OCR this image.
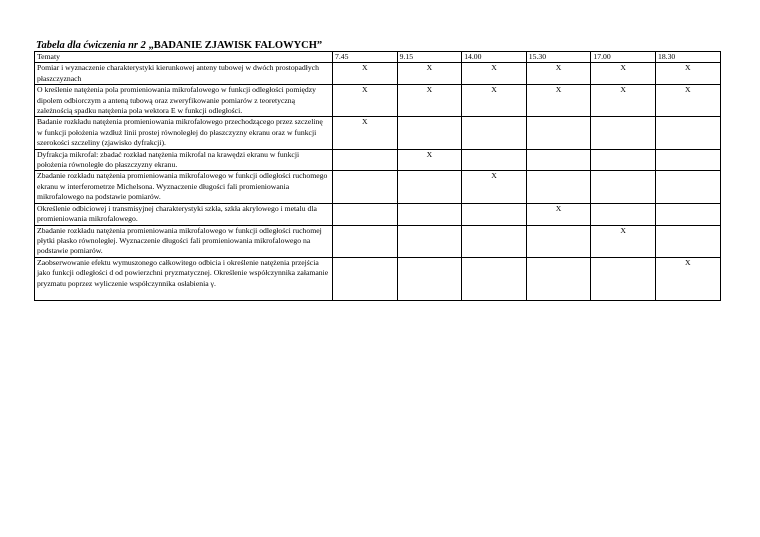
Tabela dla ćwiczenia nr 2 „BADANIE ZJAWISK FALOWYCH”
Tematy	7.45	9.15	14.00	15.30	17.00	18.30
Pomiar i wyznaczenie charakterystyki kierunkowej anteny tubowej w dwóch prostopadłych płaszczyznach	X	X	X	X	X	X
O kreślenie natężenia pola promieniowania mikrofalowego w funkcji odległości pomiędzy dipolem odbiorczym a anteną tubową oraz zweryfikowanie pomiarów z teoretyczną zależnością spadku natężenia pola wektora E w funkcji odległości.	X	X	X	X	X	X
Badanie rozkładu natężenia promieniowania mikrofalowego przechodzącego przez szczelinę w funkcji położenia wzdłuż linii prostej równoległej do płaszczyzny ekranu oraz w funkcji szerokości szczeliny (zjawisko dyfrakcji).	X					
Dyfrakcja mikrofal: zbadać rozkład natężenia mikrofal na krawędzi ekranu w funkcji położenia równoległe do płaszczyzny ekranu.		X				
Zbadanie rozkładu natężenia promieniowania mikrofalowego w funkcji odległości ruchomego ekranu w interferometrze Michelsona. Wyznaczenie długości fali promieniowania mikrofalowego na podstawie pomiarów.			X			
Określenie odbiciowej i transmisyjnej charakterystyki szkła, szkła akrylowego i metalu dla promieniowania mikrofalowego.				X		
Zbadanie rozkładu natężenia promieniowania mikrofalowego w funkcji odległości ruchomej płytki płasko równoległej. Wyznaczenie długości fali promieniowania mikrofalowego na podstawie pomiarów.					X	
Zaobserwowanie efektu wymuszonego całkowitego odbicia i określenie natężenia przejścia jako funkcji odległości d od powierzchni pryzmatycznej. Określenie współczynnika załamanie pryzmatu poprzez wyliczenie współczynnika osłabienia γ.						X
